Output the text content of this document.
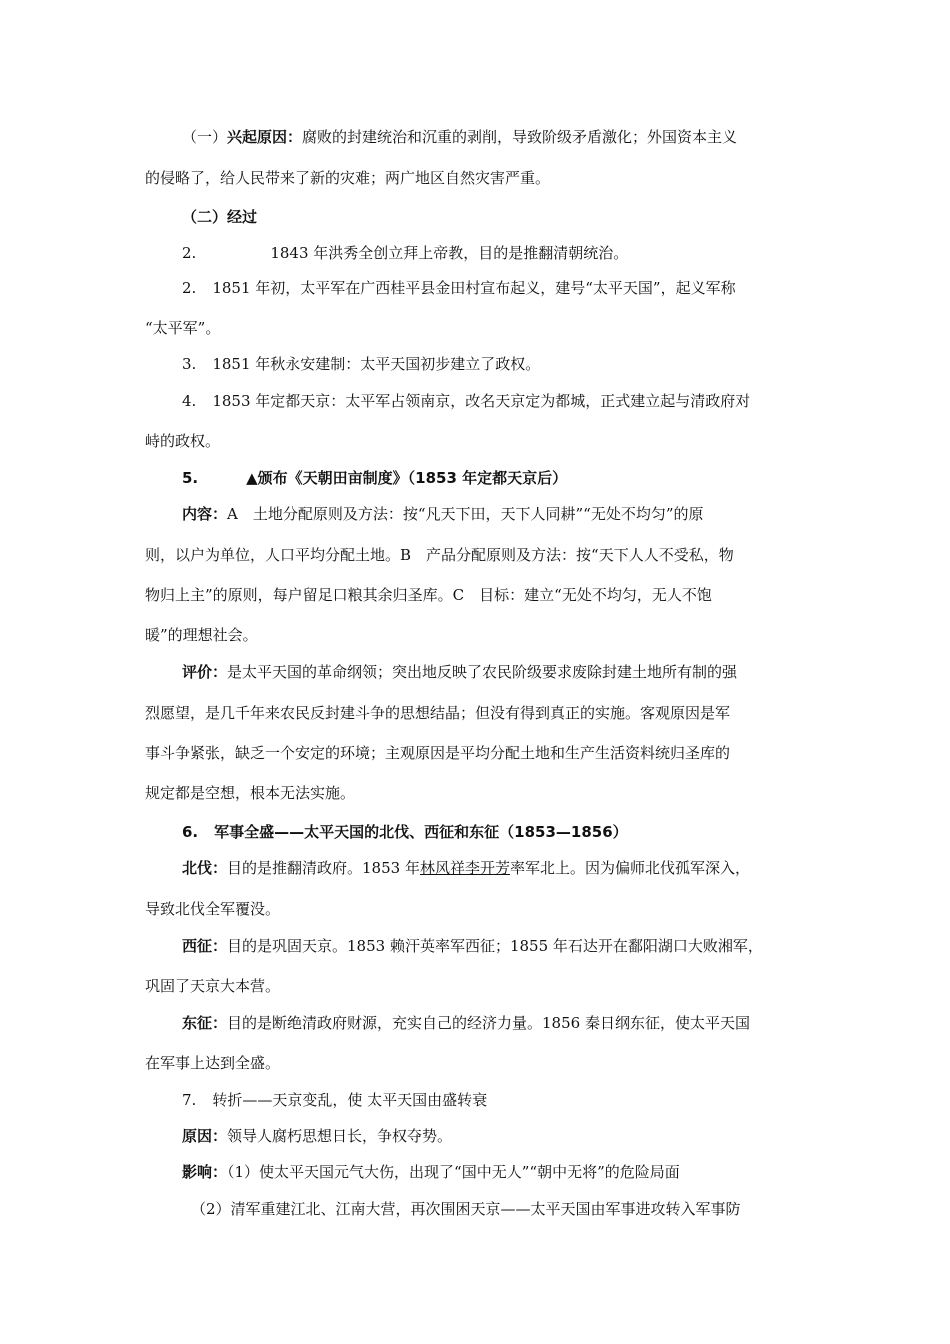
（一）兴起原因：腐败的封建统治和沉重的剥削，导致阶级矛盾激化；外国资本主义
的侵略了，给人民带来了新的灾难；两广地区自然灾害严重。
（二）经过
2.	1843 年洪秀全创立拜上帝教，目的是推翻清朝统治。
2. 1851 年初，太平军在广西桂平县金田村宣布起义，建号“太平天国”，起义军称
“太平军”。
3. 1851 年秋永安建制：太平天国初步建立了政权。
4. 1853 年定都天京：太平军占领南京，改名天京定为都城，正式建立起与清政府对
峙的政权。
5.	▲颁布《天朝田亩制度》（1853 年定都天京后）
内容：A　土地分配原则及方法：按“凡天下田，天下人同耕”“无处不均匀”的原
则，以户为单位，人口平均分配土地。B　产品分配原则及方法：按“天下人人不受私，物
物归上主”的原则，每户留足口粮其余归圣库。C　目标：建立“无处不均匀，无人不饱
暖”的理想社会。
评价：是太平天国的革命纲领；突出地反映了农民阶级要求废除封建土地所有制的强
烈愿望，是几千年来农民反封建斗争的思想结晶；但没有得到真正的实施。客观原因是军
事斗争紧张，缺乏一个安定的环境；主观原因是平均分配土地和生产生活资料统归圣库的
规定都是空想，根本无法实施。
6. 军事全盛——太平天国的北伐、西征和东征（1853—1856）
北伐：目的是推翻清政府。1853 年林风祥李开芳率军北上。因为偏师北伐孤军深入，
导致北伐全军覆没。
西征：目的是巩固天京。1853 赖汗英率军西征；1855 年石达开在鄱阳湖口大败湘军，
巩固了天京大本营。
东征：目的是断绝清政府财源，充实自己的经济力量。1856 秦日纲东征，使太平天国
在军事上达到全盛。
7. 转折——天京变乱，使 太平天国由盛转衰
原因：领导人腐朽思想日长，争权夺势。
影响：（1）使太平天国元气大伤，出现了“国中无人”“朝中无将”的危险局面
（2）清军重建江北、江南大营，再次围困天京——太平天国由军事进攻转入军事防
